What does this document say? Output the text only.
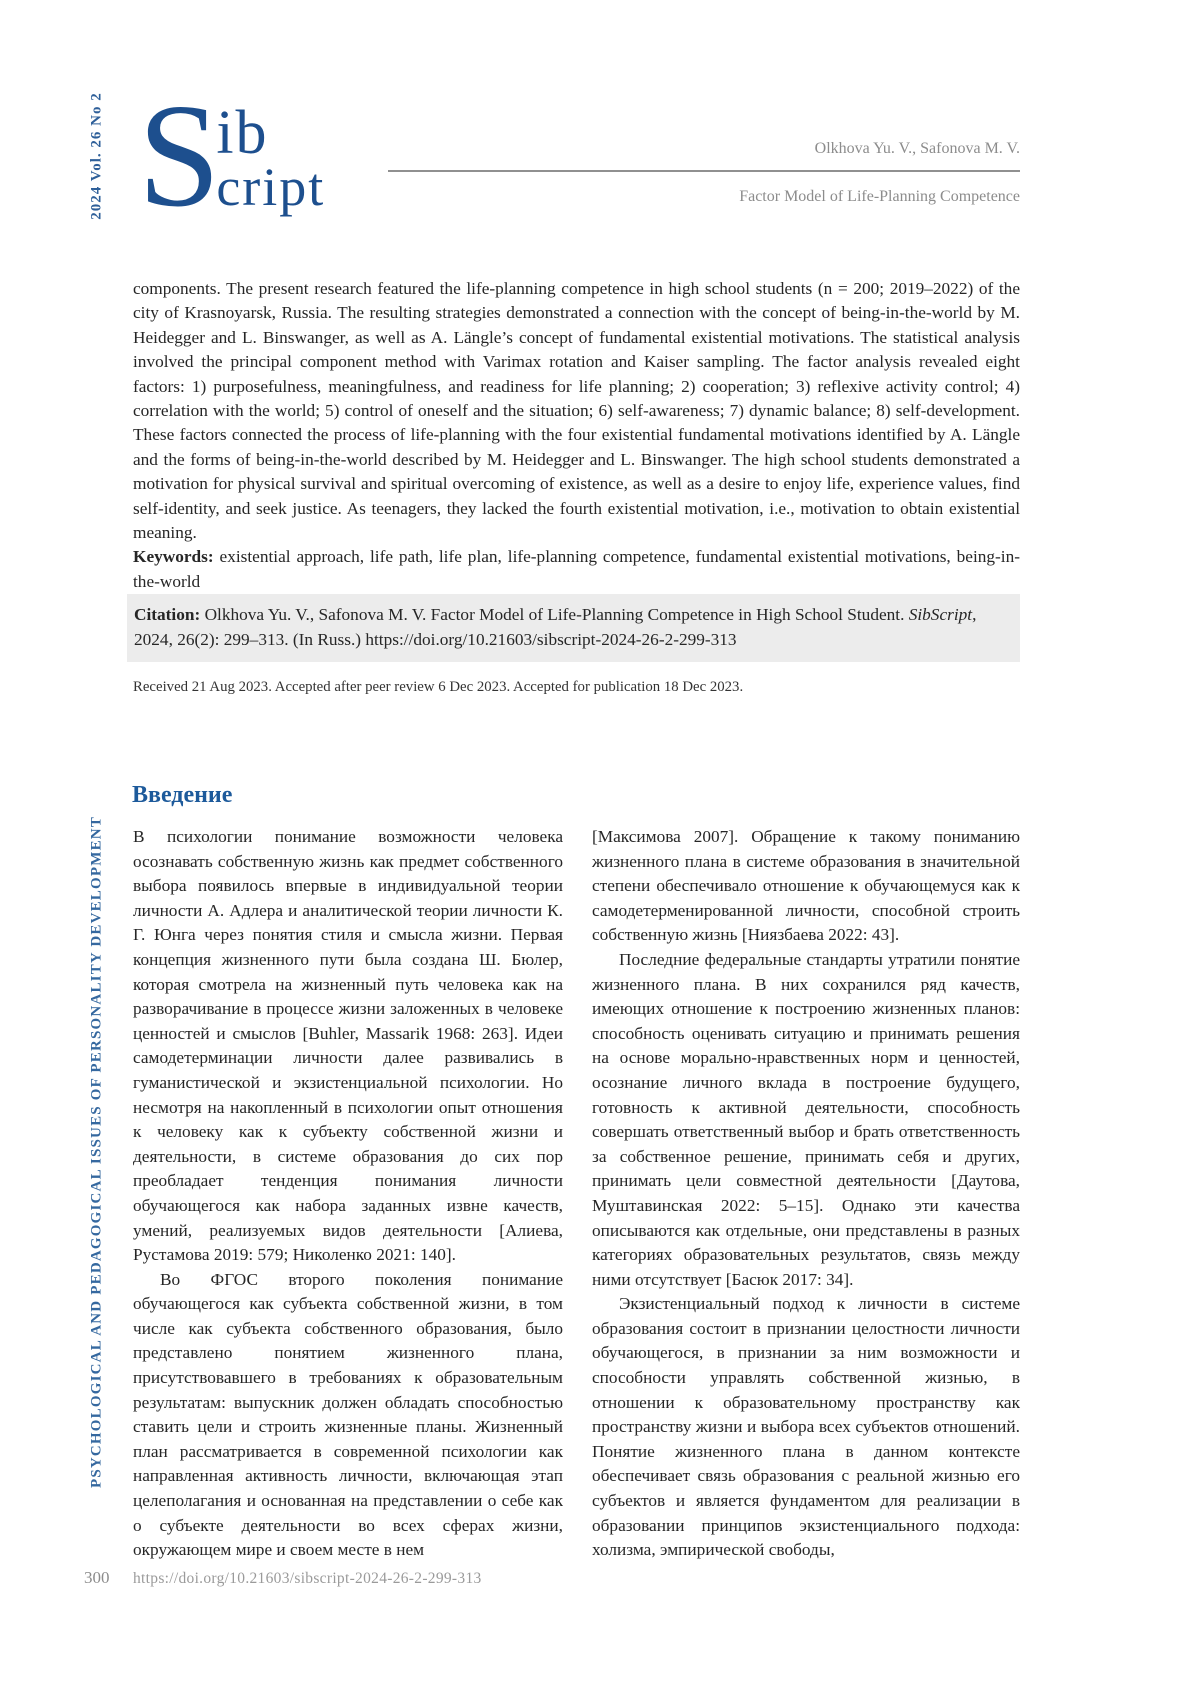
2024 Vol. 26 No 2
PSYCHOLOGICAL AND PEDAGOGICAL ISSUES OF PERSONALITY DEVELOPMENT
S
ib
cript
Olkhova Yu. V., Safonova M. V.
Factor Model of Life-Planning Competence

components. The present research featured the life-planning competence in high school students (n = 200; 2019–2022) of the city of Krasnoyarsk, Russia. The resulting strategies demonstrated a connection with the concept of being-in-the-world by M. Heidegger and L. Binswanger, as well as A. Längle’s concept of fundamental existential motivations. The statistical analysis involved the principal component method with Varimax rotation and Kaiser sampling. The factor analysis revealed eight factors: 1) purposefulness, meaningfulness, and readiness for life planning; 2) cooperation; 3) reflexive activity control; 4) correlation with the world; 5) control of oneself and the situation; 6) self-awareness; 7) dynamic balance; 8) self-development. These factors connected the process of life-planning with the four existential fundamental motivations identified by A. Längle and the forms of being-in-the-world described by M. Heidegger and L. Binswanger. The high school students demonstrated a motivation for physical survival and spiritual overcoming of existence, as well as a desire to enjoy life, experience values, find self-identity, and seek justice. As teenagers, they lacked the fourth existential motivation, i.e., motivation to obtain existential meaning.

Keywords: existential approach, life path, life plan, life-planning competence, fundamental existential motivations, being-in-the-world

Citation: Olkhova Yu. V., Safonova M. V. Factor Model of Life-Planning Competence in High School Student. SibScript, 2024, 26(2): 299–313. (In Russ.) https://doi.org/10.21603/sibscript-2024-26-2-299-313

Received 21 Aug 2023. Accepted after peer review 6 Dec 2023. Accepted for publication 18 Dec 2023.
Введение

В психологии понимание возможности человека осознавать собственную жизнь как предмет собственного выбора появилось впервые в индивидуальной теории личности А. Адлера и аналитической теории личности К. Г. Юнга через понятия стиля и смысла жизни. Первая концепция жизненного пути была создана Ш. Бюлер, которая смотрела на жизненный путь человека как на разворачивание в процессе жизни заложенных в человеке ценностей и смыслов [Buhler, Massarik 1968: 263]. Идеи самодетерминации личности далее развивались в гуманистической и экзистенциальной психологии. Но несмотря на накопленный в психологии опыт отношения к человеку как к субъекту собственной жизни и деятельности, в системе образования до сих пор преобладает тенденция понимания личности обучающегося как набора заданных извне качеств, умений, реализуемых видов деятельности [Алиева, Рустамова 2019: 579; Николенко 2021: 140].

Во ФГОС второго поколения понимание обучающегося как субъекта собственной жизни, в том числе как субъекта собственного образования, было представлено понятием жизненного плана, присутствовавшего в требованиях к образовательным результатам: выпускник должен обладать способностью ставить цели и строить жизненные планы. Жизненный план рассматривается в современной психологии как направленная активность личности, включающая этап целеполагания и основанная на представлении о себе как о субъекте деятельности во всех сферах жизни, окружающем мире и своем месте в нем

[Максимова 2007]. Обращение к такому пониманию жизненного плана в системе образования в значительной степени обеспечивало отношение к обучающемуся как к самодетерменированной личности, способной строить собственную жизнь [Ниязбаева 2022: 43].

Последние федеральные стандарты утратили понятие жизненного плана. В них сохранился ряд качеств, имеющих отношение к построению жизненных планов: способность оценивать ситуацию и принимать решения на основе морально-нравственных норм и ценностей, осознание личного вклада в построение будущего, готовность к активной деятельности, способность совершать ответственный выбор и брать ответственность за собственное решение, принимать себя и других, принимать цели совместной деятельности [Даутова, Муштавинская 2022: 5–15]. Однако эти качества описываются как отдельные, они представлены в разных категориях образовательных результатов, связь между ними отсутствует [Басюк 2017: 34].

Экзистенциальный подход к личности в системе образования состоит в признании целостности личности обучающегося, в признании за ним возможности и способности управлять собственной жизнью, в отношении к образовательному пространству как пространству жизни и выбора всех субъектов отношений. Понятие жизненного плана в данном контексте обеспечивает связь образования с реальной жизнью его субъектов и является фундаментом для реализации в образовании принципов экзистенциального подхода: холизма, эмпирической свободы,

300 https://doi.org/10.21603/sibscript-2024-26-2-299-313
